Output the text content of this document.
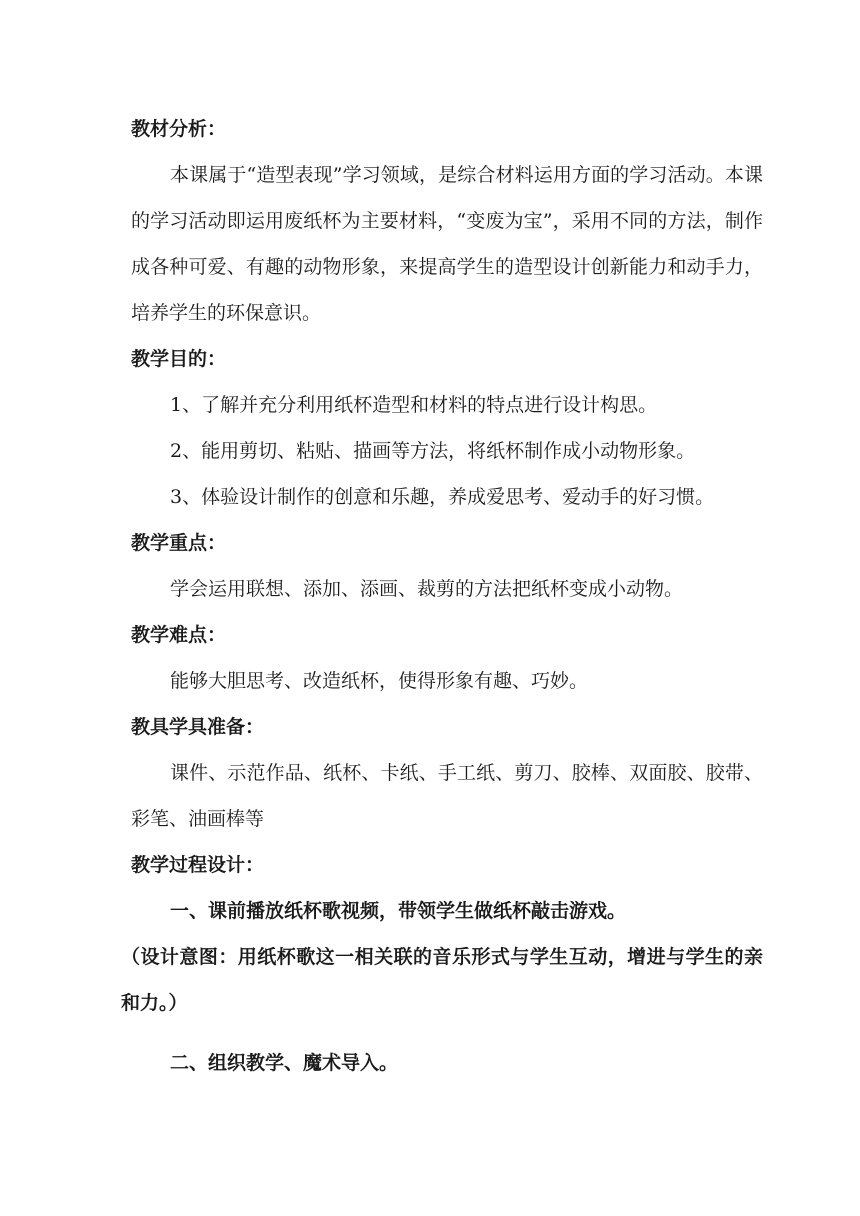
教材分析：

本课属于“造型表现”学习领域，是综合材料运用方面的学习活动。本课的学习活动即运用废纸杯为主要材料，“变废为宝”，采用不同的方法，制作成各种可爱、有趣的动物形象，来提高学生的造型设计创新能力和动手力，培养学生的环保意识。

教学目的：

1、了解并充分利用纸杯造型和材料的特点进行设计构思。

2、能用剪切、粘贴、描画等方法，将纸杯制作成小动物形象。

3、体验设计制作的创意和乐趣，养成爱思考、爱动手的好习惯。

教学重点：

学会运用联想、添加、添画、裁剪的方法把纸杯变成小动物。

教学难点：

能够大胆思考、改造纸杯，使得形象有趣、巧妙。

教具学具准备：

课件、示范作品、纸杯、卡纸、手工纸、剪刀、胶棒、双面胶、胶带、彩笔、油画棒等

教学过程设计：

一、课前播放纸杯歌视频，带领学生做纸杯敲击游戏。

（设计意图：用纸杯歌这一相关联的音乐形式与学生互动，增进与学生的亲和力。）

二、组织教学、魔术导入。
